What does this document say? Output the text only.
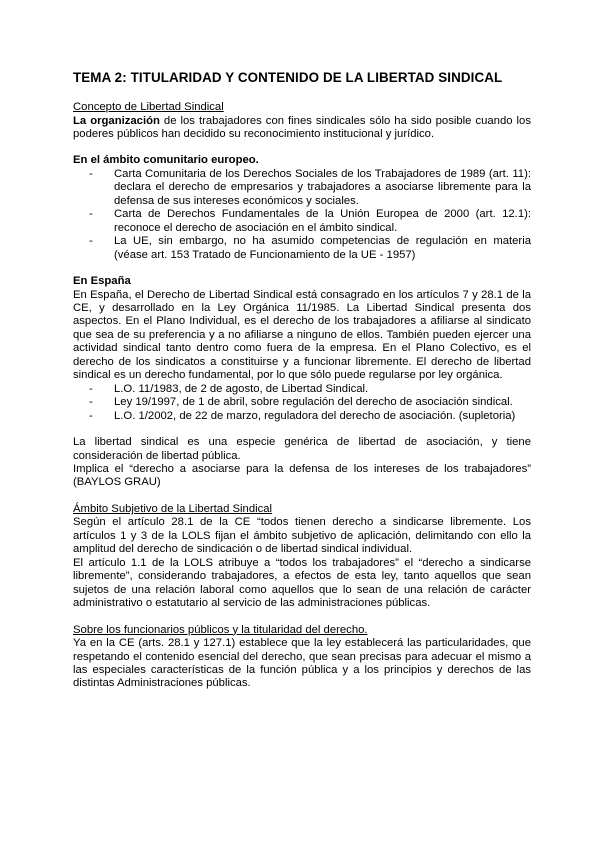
TEMA 2: TITULARIDAD Y CONTENIDO DE LA LIBERTAD SINDICAL
Concepto de Libertad Sindical

La organización de los trabajadores con fines sindicales sólo ha sido posible cuando los poderes públicos han decidido su reconocimiento institucional y jurídico.

En el ámbito comunitario europeo.
- Carta Comunitaria de los Derechos Sociales de los Trabajadores de 1989 (art. 11): declara el derecho de empresarios y trabajadores a asociarse libremente para la defensa de sus intereses económicos y sociales.
- Carta de Derechos Fundamentales de la Unión Europea de 2000 (art. 12.1): reconoce el derecho de asociación en el ámbito sindical.
- La UE, sin embargo, no ha asumido competencias de regulación en materia (véase art. 153 Tratado de Funcionamiento de la UE - 1957)
En España

En España, el Derecho de Libertad Sindical está consagrado en los artículos 7 y 28.1 de la CE, y desarrollado en la Ley Orgánica 11/1985. La Libertad Sindical presenta dos aspectos. En el Plano Individual, es el derecho de los trabajadores a afiliarse al sindicato que sea de su preferencia y a no afiliarse a ninguno de ellos. También pueden ejercer una actividad sindical tanto dentro como fuera de la empresa. En el Plano Colectivo, es el derecho de los sindicatos a constituirse y a funcionar libremente. El derecho de libertad sindical es un derecho fundamental, por lo que sólo puede regularse por ley orgánica.

- L.O. 11/1983, de 2 de agosto, de Libertad Sindical.
- Ley 19/1997, de 1 de abril, sobre regulación del derecho de asociación sindical.
- L.O. 1/2002, de 22 de marzo, reguladora del derecho de asociación. (supletoria)

La libertad sindical es una especie genérica de libertad de asociación, y tiene consideración de libertad pública.

Implica el “derecho a asociarse para la defensa de los intereses de los trabajadores” (BAYLOS GRAU)

Ámbito Subjetivo de la Libertad Sindical

Según el artículo 28.1 de la CE “todos tienen derecho a sindicarse libremente. Los artículos 1 y 3 de la LOLS fijan el ámbito subjetivo de aplicación, delimitando con ello la amplitud del derecho de sindicación o de libertad sindical individual.

El artículo 1.1 de la LOLS atribuye a “todos los trabajadores” el “derecho a sindicarse libremente”, considerando trabajadores, a efectos de esta ley, tanto aquellos que sean sujetos de una relación laboral como aquellos que lo sean de una relación de carácter administrativo o estatutario al servicio de las administraciones públicas.

Sobre los funcionarios públicos y la titularidad del derecho.

Ya en la CE (arts. 28.1 y 127.1) establece que la ley establecerá las particularidades, que respetando el contenido esencial del derecho, que sean precisas para adecuar el mismo a las especiales características de la función pública y a los principios y derechos de las distintas Administraciones públicas.
